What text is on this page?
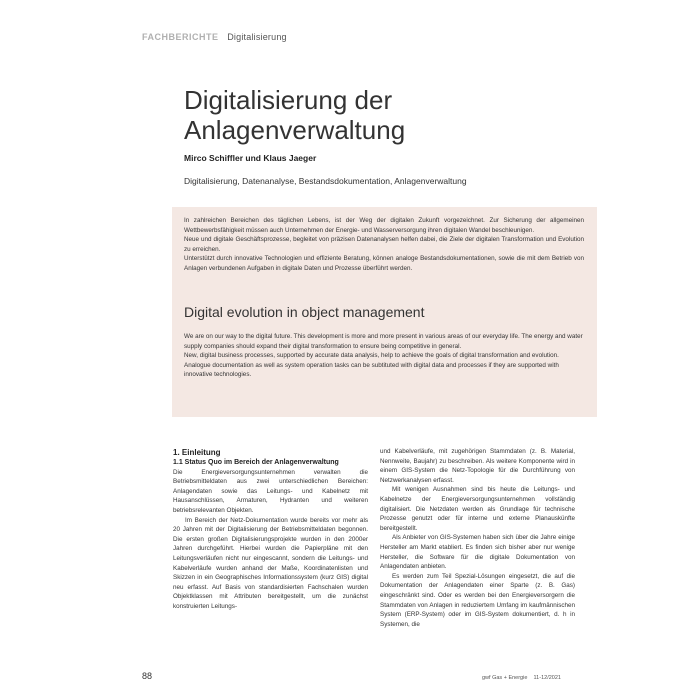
FACHBERICHTE Digitalisierung
Digitalisierung der
Anlagenverwaltung
Mirco Schiffler und Klaus Jaeger
Digitalisierung, Datenanalyse, Bestandsdokumentation, Anlagenverwaltung

In zahlreichen Bereichen des täglichen Lebens, ist der Weg der digitalen Zukunft vorgezeichnet. Zur Sicherung der allgemeinen Wettbewerbsfähigkeit müssen auch Unternehmen der Energie- und Wasserversorgung ihren digitalen Wandel beschleunigen.

Neue und digitale Geschäftsprozesse, begleitet von präzisen Datenanalysen helfen dabei, die Ziele der digitalen Transformation und Evolution zu erreichen.

Unterstützt durch innovative Technologien und effiziente Beratung, können analoge Bestandsdokumentationen, sowie die mit dem Betrieb von Anlagen verbundenen Aufgaben in digitale Daten und Prozesse überführt werden.

Digital evolution in object management

We are on our way to the digital future. This development is more and more present in various areas of our everyday life. The energy and water supply companies should expand their digital transformation to ensure being competitive in general.

New, digital business processes, supported by accurate data analysis, help to achieve the goals of digital transformation and evolution.

Analogue documentation as well as system operation tasks can be subtituted with digital data and processes if they are supported with innovative technologies.

1. Einleitung

1.1 Status Quo im Bereich der Anlagenverwaltung

Die Energieversorgungsunternehmen verwalten die Betriebsmitteldaten aus zwei unterschiedlichen Bereichen: Anlagendaten sowie das Leitungs- und Kabelnetz mit Hausanschlüssen, Armaturen, Hydranten und weiteren betriebsrelevanten Objekten.

Im Bereich der Netz-Dokumentation wurde bereits vor mehr als 20 Jahren mit der Digitalisierung der Betriebsmitteldaten begonnen. Die ersten großen Digitalisierungsprojekte wurden in den 2000er Jahren durchgeführt. Hierbei wurden die Papierpläne mit den Leitungsverläufen nicht nur eingescannt, sondern die Leitungs- und Kabelverläufe wurden anhand der Maße, Koordinatenlisten und Skizzen in ein Geographisches Informationssystem (kurz GIS) digital neu erfasst. Auf Basis von standardisierten Fachschalen wurden Objektklassen mit Attributen bereitgestellt, um die zunächst konstruierten Leitungs-

und Kabelverläufe, mit zugehörigen Stammdaten (z. B. Material, Nennweite, Baujahr) zu beschreiben. Als weitere Komponente wird in einem GIS-System die Netz-Topologie für die Durchführung von Netzwerkanalysen erfasst.

Mit wenigen Ausnahmen sind bis heute die Leitungs- und Kabelnetze der Energieversorgungsunternehmen vollständig digitalisiert. Die Netzdaten werden als Grundlage für technische Prozesse genutzt oder für interne und externe Planauskünfte bereitgestellt.

Als Anbieter von GIS-Systemen haben sich über die Jahre einige Hersteller am Markt etabliert. Es finden sich bisher aber nur wenige Hersteller, die Software für die digitale Dokumentation von Anlagendaten anbieten.

Es werden zum Teil Spezial-Lösungen eingesetzt, die auf die Dokumentation der Anlagendaten einer Sparte (z. B. Gas) eingeschränkt sind. Oder es werden bei den Energieversorgern die Stammdaten von Anlagen in reduziertem Umfang im kaufmännischen System (ERP-System) oder im GIS-System dokumentiert, d. h in Systemen, die

88	gwf Gas + Energie 11-12/2021
